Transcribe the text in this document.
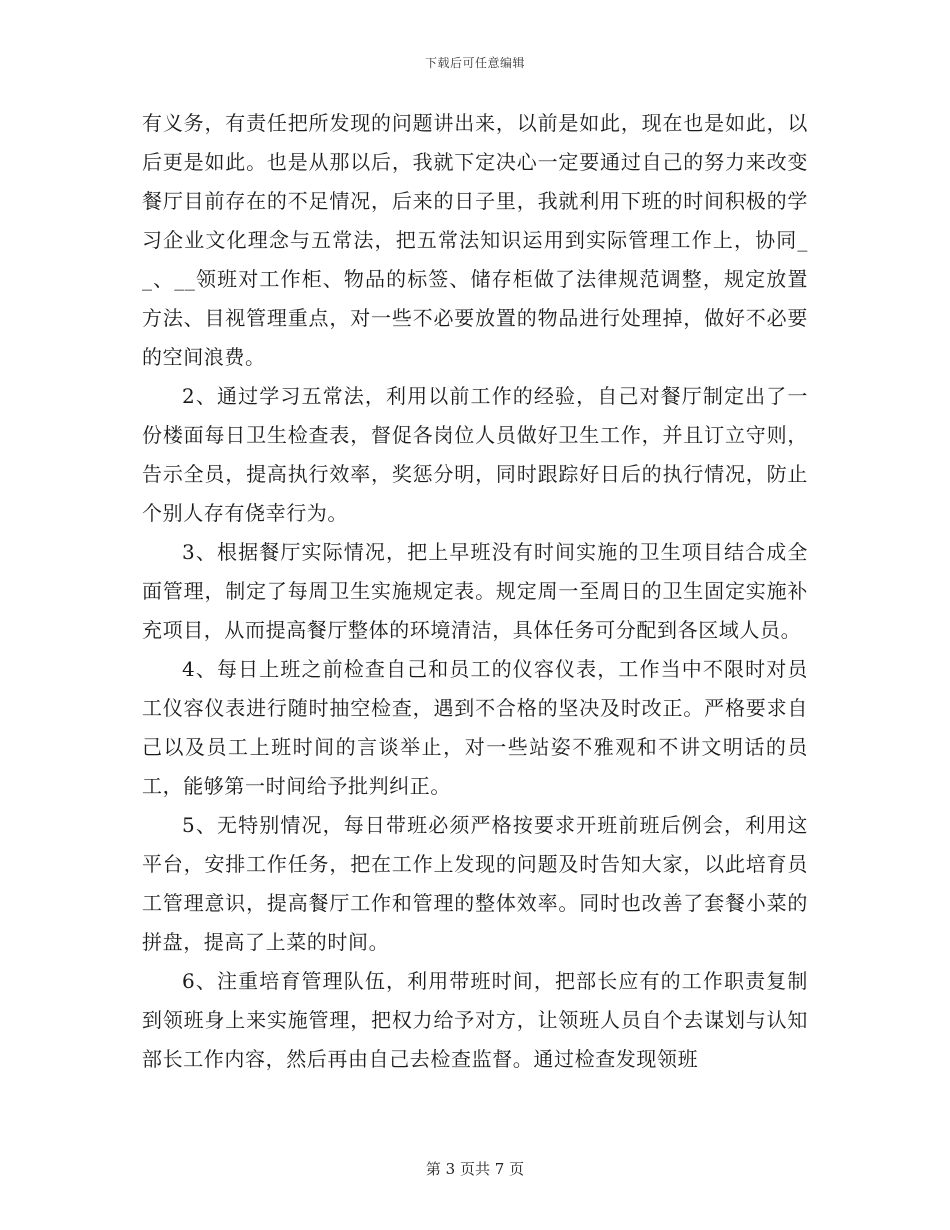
下载后可任意编辑

有义务，有责任把所发现的问题讲出来，以前是如此，现在也是如此，以后更是如此。也是从那以后，我就下定决心一定要通过自己的努力来改变餐厅目前存在的不足情况，后来的日子里，我就利用下班的时间积极的学习企业文化理念与五常法，把五常法知识运用到实际管理工作上，协同__、__领班对工作柜、物品的标签、储存柜做了法律规范调整，规定放置方法、目视管理重点，对一些不必要放置的物品进行处理掉，做好不必要的空间浪费。

2、通过学习五常法，利用以前工作的经验，自己对餐厅制定出了一份楼面每日卫生检查表，督促各岗位人员做好卫生工作，并且订立守则，告示全员，提高执行效率，奖惩分明，同时跟踪好日后的执行情况，防止个别人存有侥幸行为。

3、根据餐厅实际情况，把上早班没有时间实施的卫生项目结合成全面管理，制定了每周卫生实施规定表。规定周一至周日的卫生固定实施补充项目，从而提高餐厅整体的环境清洁，具体任务可分配到各区域人员。

4、每日上班之前检查自己和员工的仪容仪表，工作当中不限时对员工仪容仪表进行随时抽空检查，遇到不合格的坚决及时改正。严格要求自己以及员工上班时间的言谈举止，对一些站姿不雅观和不讲文明话的员工，能够第一时间给予批判纠正。

5、无特别情况，每日带班必须严格按要求开班前班后例会，利用这平台，安排工作任务，把在工作上发现的问题及时告知大家，以此培育员工管理意识，提高餐厅工作和管理的整体效率。同时也改善了套餐小菜的拼盘，提高了上菜的时间。

6、注重培育管理队伍，利用带班时间，把部长应有的工作职责复制到领班身上来实施管理，把权力给予对方，让领班人员自个去谋划与认知部长工作内容，然后再由自己去检查监督。通过检查发现领班

第 3 页共 7 页
